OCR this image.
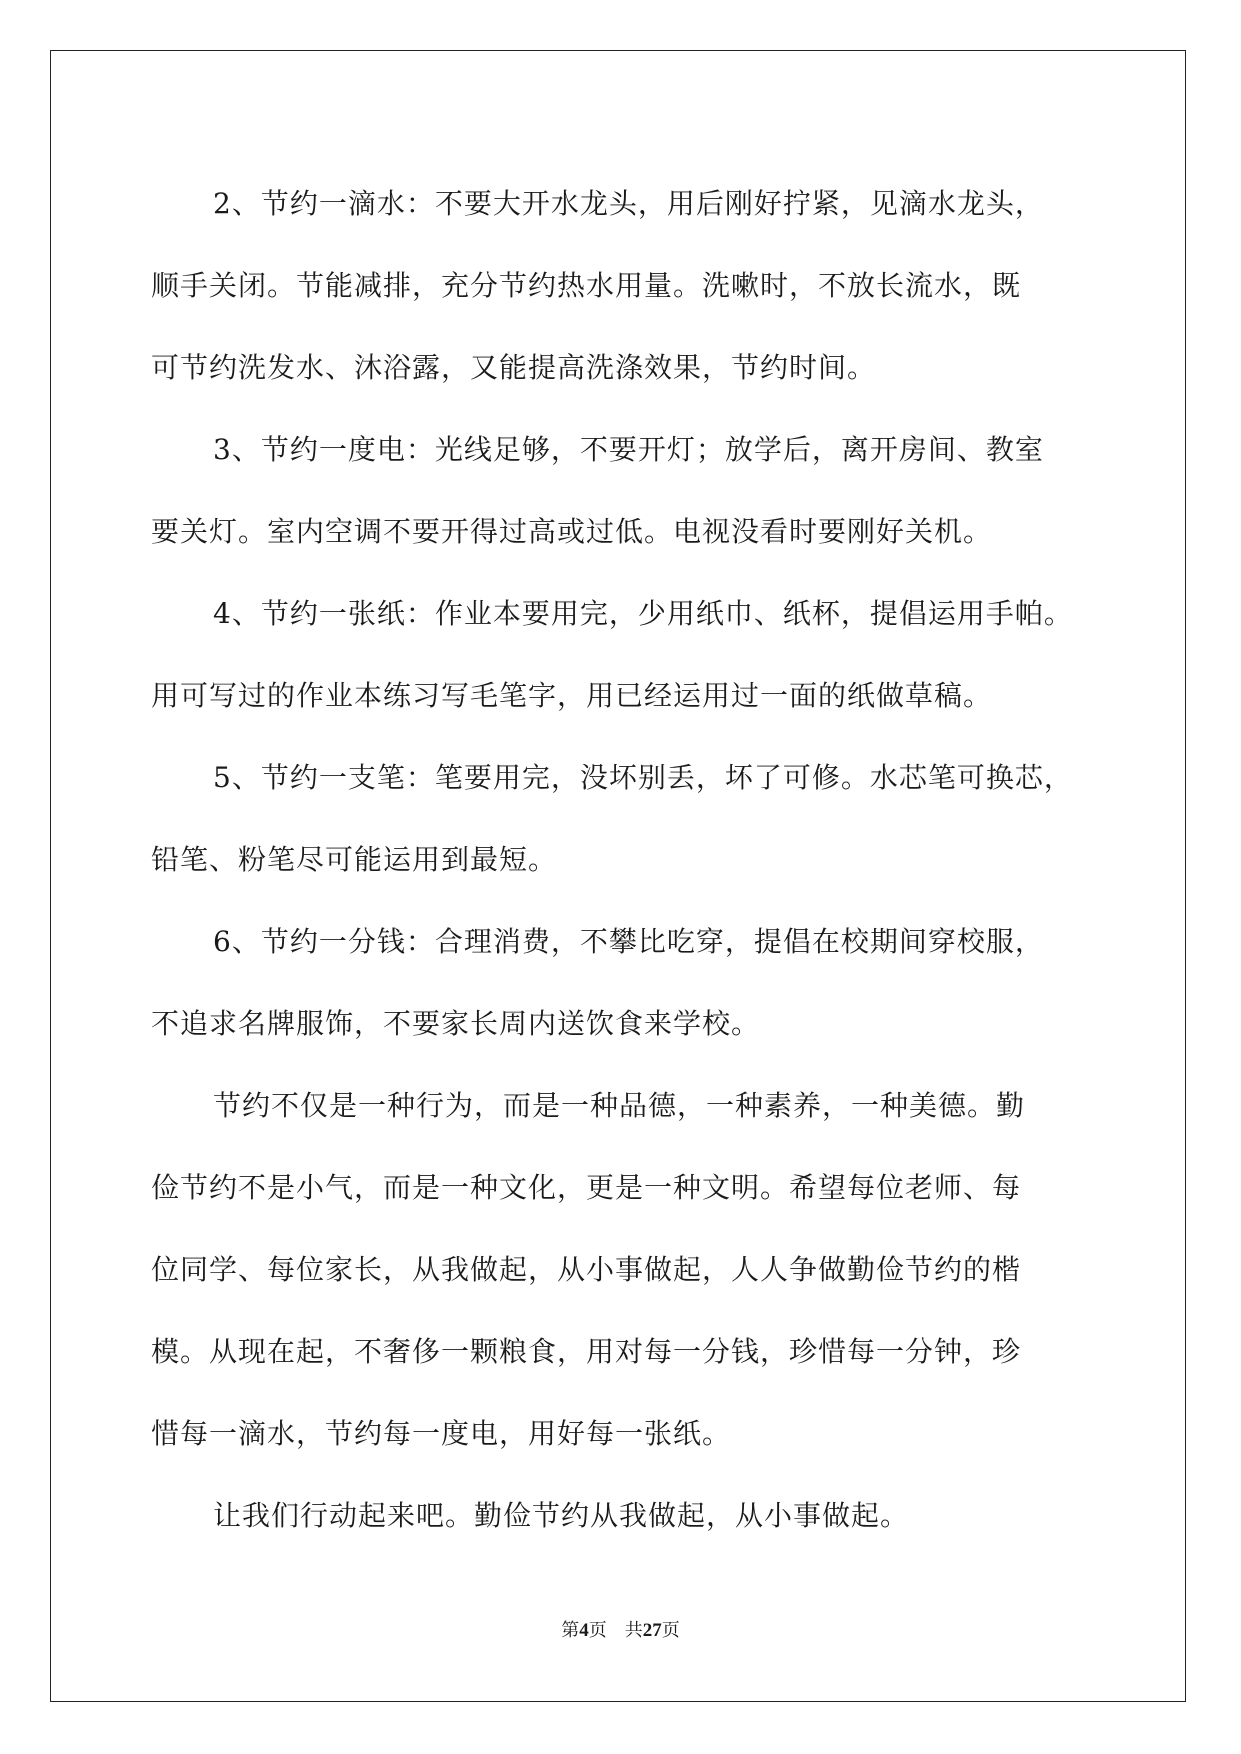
2、节约一滴水：不要大开水龙头，用后刚好拧紧，见滴水龙头，

顺手关闭。节能减排，充分节约热水用量。洗嗽时，不放长流水，既

可节约洗发水、沐浴露，又能提高洗涤效果，节约时间。

3、节约一度电：光线足够，不要开灯；放学后，离开房间、教室

要关灯。室内空调不要开得过高或过低。电视没看时要刚好关机。

4、节约一张纸：作业本要用完，少用纸巾、纸杯，提倡运用手帕。

用可写过的作业本练习写毛笔字，用已经运用过一面的纸做草稿。

5、节约一支笔：笔要用完，没坏别丢，坏了可修。水芯笔可换芯，

铅笔、粉笔尽可能运用到最短。

6、节约一分钱：合理消费，不攀比吃穿，提倡在校期间穿校服，

不追求名牌服饰，不要家长周内送饮食来学校。

节约不仅是一种行为，而是一种品德，一种素养，一种美德。勤

俭节约不是小气，而是一种文化，更是一种文明。希望每位老师、每

位同学、每位家长，从我做起，从小事做起，人人争做勤俭节约的楷

模。从现在起，不奢侈一颗粮食，用对每一分钱，珍惜每一分钟，珍

惜每一滴水，节约每一度电，用好每一张纸。

让我们行动起来吧。勤俭节约从我做起，从小事做起。

第4页 共27页
